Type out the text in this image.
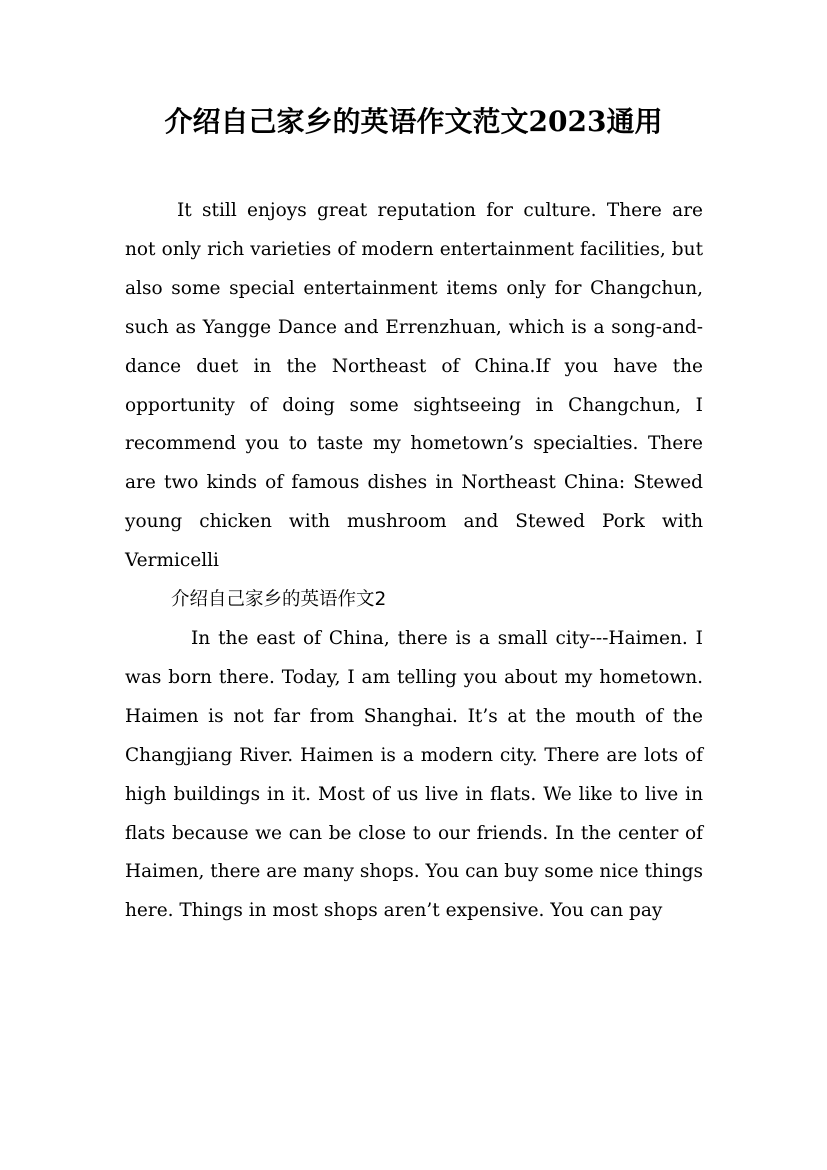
介绍自己家乡的英语作文范文2023通用

It still enjoys great reputation for culture. There are not only rich varieties of modern entertainment facilities, but also some special entertainment items only for Changchun, such as Yangge Dance and Errenzhuan, which is a song-and-dance duet in the Northeast of China.If you have the opportunity of doing some sightseeing in Changchun, I recommend you to taste my hometown’s specialties. There are two kinds of famous dishes in Northeast China: Stewed young chicken with mushroom and Stewed Pork with Vermicelli

介绍自己家乡的英语作文2

In the east of China, there is a small city---Haimen. I was born there. Today, I am telling you about my hometown. Haimen is not far from Shanghai. It’s at the mouth of the Changjiang River. Haimen is a modern city. There are lots of high buildings in it. Most of us live in flats. We like to live in flats because we can be close to our friends. In the center of Haimen, there are many shops. You can buy some nice things here. Things in most shops aren’t expensive. You can pay
